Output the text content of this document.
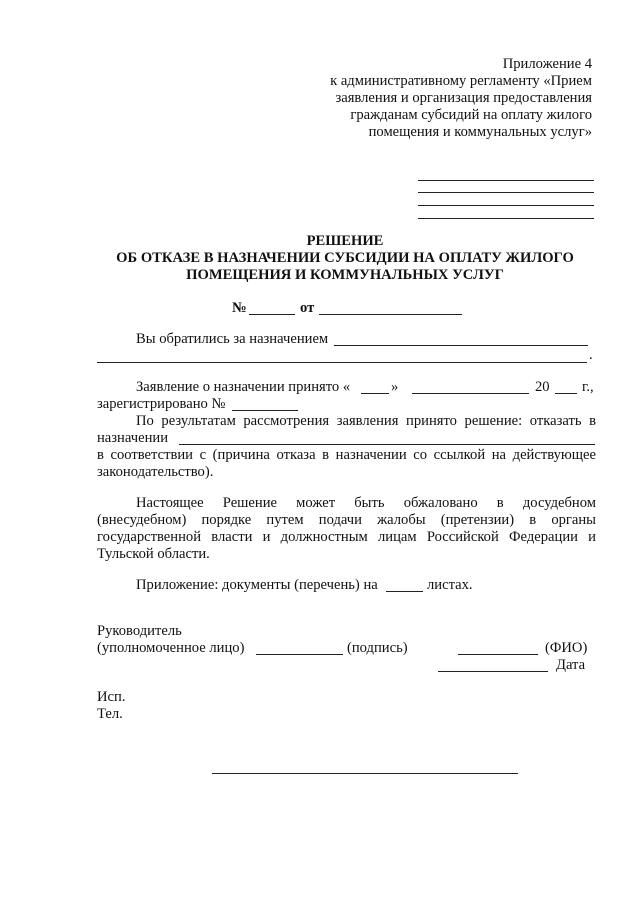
Приложение 4
к административному регламенту «Прием
заявления и организация предоставления
гражданам субсидий на оплату жилого
помещения и коммунальных услуг»
РЕШЕНИЕ
ОБ ОТКАЗЕ В НАЗНАЧЕНИИ СУБСИДИИ НА ОПЛАТУ ЖИЛОГО
ПОМЕЩЕНИЯ И КОММУНАЛЬНЫХ УСЛУГ
№	от
Вы обратились за назначением
.
Заявление о назначении принято «	»	20 г.,
зарегистрировано №
По результатам рассмотрения заявления принято решение: отказать в
назначении
в соответствии с (причина отказа в назначении со ссылкой на действующее
законодательство).
Настоящее Решение может быть обжаловано в досудебном
(внесудебном) порядке путем подачи жалобы (претензии) в органы
государственной власти и должностным лицам Российской Федерации и
Тульской области.
Приложение: документы (перечень) на	листах.
Руководитель
(уполномоченное лицо)	(подпись)	(ФИО)
Дата
Исп.
Тел.
